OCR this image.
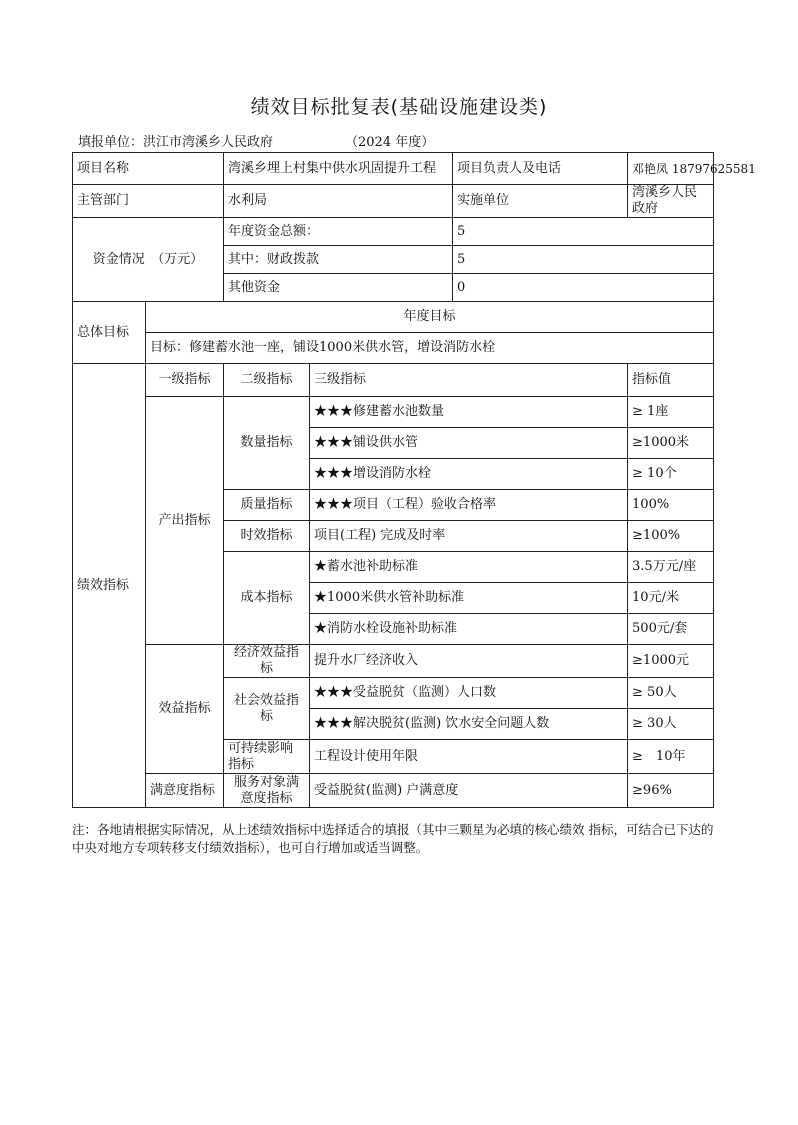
绩效目标批复表(基础设施建设类)
填报单位：洪江市湾溪乡人民政府	（2024 年度）
项目名称		湾溪乡埋上村集中供水巩固提升工程		项目负责人及电话	邓艳凤 18797625581
主管部门		水利局		实施单位	湾溪乡人民政府
资金情况　（万元）		年度资金总额：		5	
		其中：财政拨款		5	
		其他资金		0	
总体目标	年度目标				
	目标：修建蓄水池一座，铺设1000米供水管，增设消防水栓				
绩效指标	一级指标	二级指标	三级指标		指标值
	产出指标	数量指标	★★★修建蓄水池数量		≥ 1座
			★★★铺设供水管		≥1000米
			★★★增设消防水栓		≥ 10个
		质量指标	★★★项目（工程）验收合格率		100%
		时效指标	项目(工程) 完成及时率		≥100%
		成本指标	★蓄水池补助标准		3.5万元/座
			★1000米供水管补助标准		10元/米
			★消防水栓设施补助标准		500元/套
	效益指标	经济效益指标	提升水厂经济收入		≥1000元
		社会效益指标	★★★受益脱贫（监测）人口数		≥ 50人
			★★★解决脱贫(监测) 饮水安全问题人数		≥ 30人
		可持续影响指标	工程设计使用年限		≥　10年
	满意度指标	服务对象满意度指标	受益脱贫(监测) 户满意度		≥96%
注：各地请根据实际情况，从上述绩效指标中选择适合的填报（其中三颗星为必填的核心绩效 指标，可结合已下达的中央对地方专项转移支付绩效指标），也可自行增加或适当调整。
